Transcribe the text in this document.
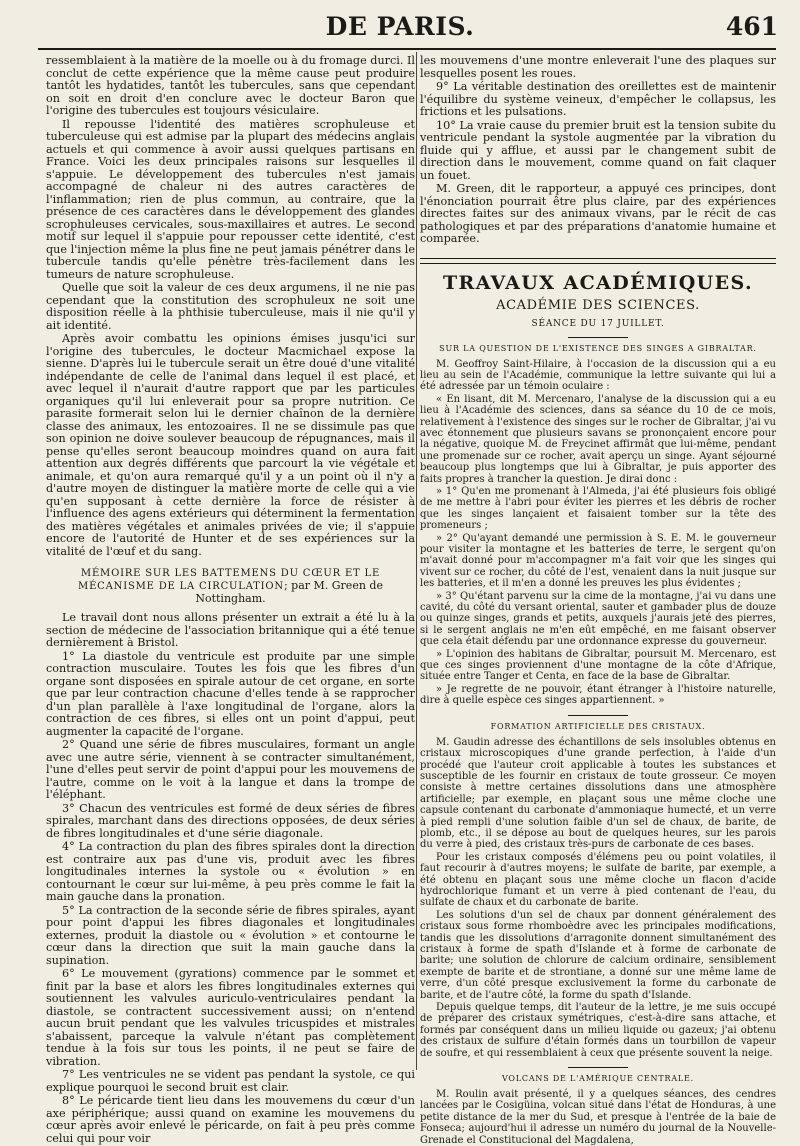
DE PARIS.	461

ressemblaient à la matière de la moelle ou à du fromage durci. Il conclut de cette expérience que la même cause peut produire tantôt les hydatides, tantôt les tubercules, sans que cependant on soit en droit d'en conclure avec le docteur Baron que l'origine des tubercules est toujours vésiculaire.

Il repousse l'identité des matières scrophuleuse et tuberculeuse qui est admise par la plupart des médecins anglais actuels et qui commence à avoir aussi quelques partisans en France. Voici les deux principales raisons sur lesquelles il s'appuie. Le développement des tubercules n'est jamais accompagné de chaleur ni des autres caractères de l'inflammation; rien de plus commun, au contraire, que la présence de ces caractères dans le développement des glandes scrophuleuses cervicales, sous-maxillaires et autres. Le second motif sur lequel il s'appuie pour repousser cette identité, c'est que l'injection même la plus fine ne peut jamais pénétrer dans le tubercule tandis qu'elle pénètre très-facilement dans les tumeurs de nature scrophuleuse.

Quelle que soit la valeur de ces deux argumens, il ne nie pas cependant que la constitution des scrophuleux ne soit une disposition réelle à la phthisie tuberculeuse, mais il nie qu'il y ait identité.

Après avoir combattu les opinions émises jusqu'ici sur l'origine des tubercules, le docteur Macmichael expose la sienne. D'après lui le tubercule serait un être doué d'une vitalité indépendante de celle de l'animal dans lequel il est placé, et avec lequel il n'aurait d'autre rapport que par les particules organiques qu'il lui enleverait pour sa propre nutrition. Ce parasite formerait selon lui le dernier chaînon de la dernière classe des animaux, les entozoaires. Il ne se dissimule pas que son opinion ne doive soulever beaucoup de répugnances, mais il pense qu'elles seront beaucoup moindres quand on aura fait attention aux degrés différents que parcourt la vie végétale et animale, et qu'on aura remarqué qu'il y a un point où il n'y a d'autre moyen de distinguer la matière morte de celle qui a vie qu'en supposant à cette dernière la force de résister à l'influence des agens extérieurs qui déterminent la fermentation des matières végétales et animales privées de vie; il s'appuie encore de l'autorité de Hunter et de ses expériences sur la vitalité de l'œuf et du sang.

MÉMOIRE SUR LES BATTEMENS DU CŒUR ET LE MÉCANISME DE LA CIRCULATION; par M. Green de Nottingham.

Le travail dont nous allons présenter un extrait a été lu à la section de médecine de l'association britannique qui a été tenue dernièrement à Bristol.

1° La diastole du ventricule est produite par une simple contraction musculaire. Toutes les fois que les fibres d'un organe sont disposées en spirale autour de cet organe, en sorte que par leur contraction chacune d'elles tende à se rapprocher d'un plan parallèle à l'axe longitudinal de l'organe, alors la contraction de ces fibres, si elles ont un point d'appui, peut augmenter la capacité de l'organe.

2° Quand une série de fibres musculaires, formant un angle avec une autre série, viennent à se contracter simultanément, l'une d'elles peut servir de point d'appui pour les mouvemens de l'autre, comme on le voit à la langue et dans la trompe de l'éléphant.

3° Chacun des ventricules est formé de deux séries de fibres spirales, marchant dans des directions opposées, de deux séries de fibres longitudinales et d'une série diagonale.

4° La contraction du plan des fibres spirales dont la direction est contraire aux pas d'une vis, produit avec les fibres longitudinales internes la systole ou « évolution » en contournant le cœur sur lui-même, à peu près comme le fait la main gauche dans la pronation.

5° La contraction de la seconde série de fibres spirales, ayant pour point d'appui les fibres diagonales et longitudinales externes, produit la diastole ou « évolution » et contourne le cœur dans la direction que suit la main gauche dans la supination.

6° Le mouvement (gyrations) commence par le sommet et finit par la base et alors les fibres longitudinales externes qui soutiennent les valvules auriculo-ventriculaires pendant la diastole, se contractent successivement aussi; on n'entend aucun bruit pendant que les valvules tricuspides et mistrales s'abaissent, parceque la valvule n'étant pas complètement tendue à la fois sur tous les points, il ne peut se faire de vibration.

7° Les ventricules ne se vident pas pendant la systole, ce qui explique pourquoi le second bruit est clair.

8° Le péricarde tient lieu dans les mouvemens du cœur d'un axe périphérique; aussi quand on examine les mouvemens du cœur après avoir enlevé le péricarde, on fait à peu près comme celui qui pour voir

les mouvemens d'une montre enleverait l'une des plaques sur lesquelles posent les roues.

9° La véritable destination des oreillettes est de maintenir l'équilibre du système veineux, d'empêcher le collapsus, les frictions et les pulsations.

10° La vraie cause du premier bruit est la tension subite du ventricule pendant la systole augmentée par la vibration du fluide qui y afflue, et aussi par le changement subit de direction dans le mouvement, comme quand on fait claquer un fouet.

M. Green, dit le rapporteur, a appuyé ces principes, dont l'énonciation pourrait être plus claire, par des expériences directes faites sur des animaux vivans, par le récit de cas pathologiques et par des préparations d'anatomie humaine et comparée.

TRAVAUX ACADÉMIQUES.
ACADÉMIE DES SCIENCES.
SÉANCE DU 17 JUILLET.
SUR LA QUESTION DE L'EXISTENCE DES SINGES A GIBRALTAR.

M. Geoffroy Saint-Hilaire, à l'occasion de la discussion qui a eu lieu au sein de l'Académie, communique la lettre suivante qui lui a été adressée par un témoin oculaire :

« En lisant, dit M. Mercenaro, l'analyse de la discussion qui a eu lieu à l'Académie des sciences, dans sa séance du 10 de ce mois, relativement à l'existence des singes sur le rocher de Gibraltar, j'ai vu avec étonnement que plusieurs savans se prononçaient encore pour la négative, quoique M. de Freycinet affirmât que lui-même, pendant une promenade sur ce rocher, avait aperçu un singe. Ayant séjourné beaucoup plus longtemps que lui à Gibraltar, je puis apporter des faits propres à trancher la question. Je dirai donc :

» 1° Qu'en me promenant à l'Almeda, j'ai été plusieurs fois obligé de me mettre à l'abri pour éviter les pierres et les débris de rocher que les singes lançaient et faisaient tomber sur la tête des promeneurs ;

» 2° Qu'ayant demandé une permission à S. E. M. le gouverneur pour visiter la montagne et les batteries de terre, le sergent qu'on m'avait donné pour m'accompagner m'a fait voir que les singes qui vivent sur ce rocher, du côté de l'est, venaient dans la nuit jusque sur les batteries, et il m'en a donné les preuves les plus évidentes ;

» 3° Qu'étant parvenu sur la cime de la montagne, j'ai vu dans une cavité, du côté du versant oriental, sauter et gambader plus de douze ou quinze singes, grands et petits, auxquels j'aurais jeté des pierres, si le sergent anglais ne m'en eût empêché, en me faisant observer que cela était défendu par une ordonnance expresse du gouverneur.

» L'opinion des habitans de Gibraltar, poursuit M. Mercenaro, est que ces singes proviennent d'une montagne de la côte d'Afrique, située entre Tanger et Centa, en face de la base de Gibraltar.

» Je regrette de ne pouvoir, étant étranger à l'histoire naturelle, dire à quelle espèce ces singes appartiennent. »

FORMATION ARTIFICIELLE DES CRISTAUX.

M. Gaudin adresse des échantillons de sels insolubles obtenus en cristaux microscopiques d'une grande perfection, à l'aide d'un procédé que l'auteur croit applicable à toutes les substances et susceptible de les fournir en cristaux de toute grosseur. Ce moyen consiste à mettre certaines dissolutions dans une atmosphère artificielle; par exemple, en plaçant sous une même cloche une capsule contenant du carbonate d'ammoniaque humecté, et un verre à pied rempli d'une solution faible d'un sel de chaux, de barite, de plomb, etc., il se dépose au bout de quelques heures, sur les parois du verre à pied, des cristaux très-purs de carbonate de ces bases.

Pour les cristaux composés d'élémens peu ou point volatiles, il faut recourir à d'autres moyens; le sulfate de barite, par exemple, a été obtenu en plaçant sous une même cloche un flacon d'acide hydrochlorique fumant et un verre à pied contenant de l'eau, du sulfate de chaux et du carbonate de barite.

Les solutions d'un sel de chaux par donnent généralement des cristaux sous forme rhomboèdre avec les principales modifications, tandis que les dissolutions d'arragonite donnent simultanément des cristaux à forme de spath d'Islande et à forme de carbonate de barite; une solution de chlorure de calcium ordinaire, sensiblement exempte de barite et de strontiane, a donné sur une même lame de verre, d'un côté presque exclusivement la forme du carbonate de barite, et de l'autre côté, la forme du spath d'Islande.

Depuis quelque temps, dit l'auteur de la lettre, je me suis occupé de préparer des cristaux symétriques, c'est-à-dire sans attache, et formés par conséquent dans un milieu liquide ou gazeux; j'ai obtenu des cristaux de sulfure d'étain formés dans un tourbillon de vapeur de soufre, et qui ressemblaient à ceux que présente souvent la neige.

VOLCANS DE L'AMÉRIQUE CENTRALE.

M. Roulin avait présenté, il y a quelques séances, des cendres lancées par le Cosigüina, volcan situé dans l'état de Honduras, à une petite distance de la mer du Sud, et presque à l'entrée de la baie de Fonseca; aujourd'hui il adresse un numéro du journal de la Nouvelle-Grenade el Constitucional del Magdalena,
